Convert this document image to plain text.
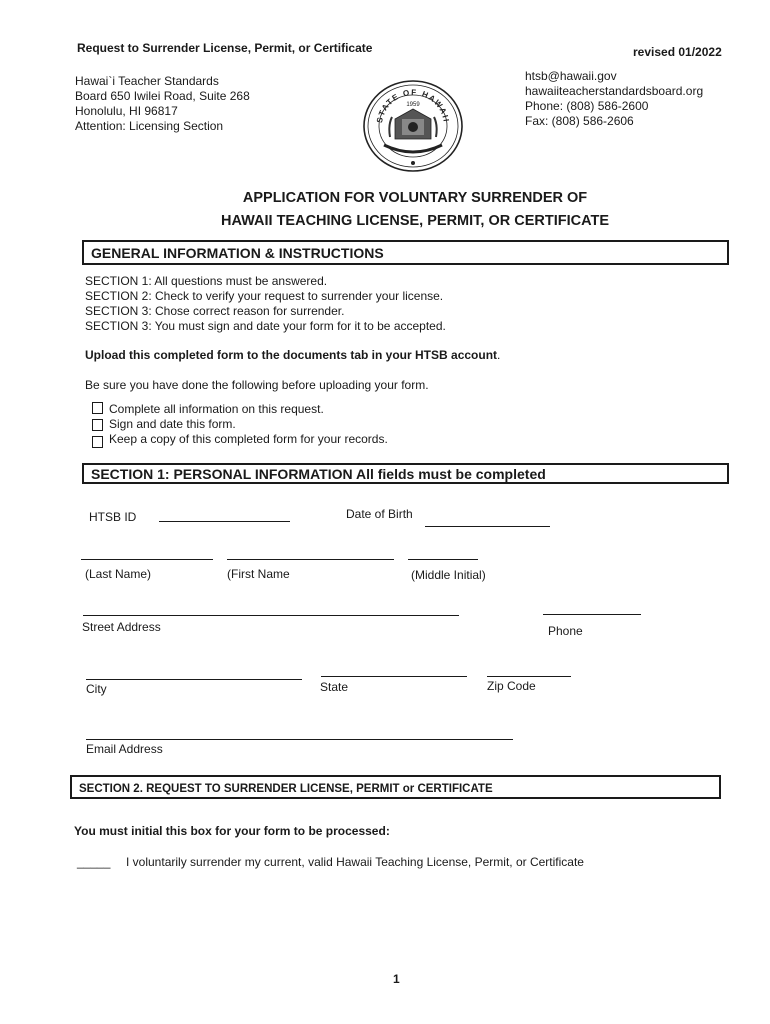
Request to Surrender License, Permit, or Certificate	revised 01/2022
Hawai`i Teacher Standards
Board 650 Iwilei Road, Suite 268
Honolulu, HI 96817
Attention: Licensing Section
htsb@hawaii.gov
hawaiiteacherstandardsboard.org
Phone: (808) 586-2600
Fax: (808) 586-2606
STATE OF HAWAII
1959
APPLICATION FOR VOLUNTARY SURRENDER OF
HAWAII TEACHING LICENSE, PERMIT, OR CERTIFICATE
GENERAL INFORMATION & INSTRUCTIONS
SECTION 1: All questions must be answered.
SECTION 2: Check to verify your request to surrender your license.
SECTION 3: Chose correct reason for surrender.
SECTION 3: You must sign and date your form for it to be accepted.
Upload this completed form to the documents tab in your HTSB account.
Be sure you have done the following before uploading your form.
Complete all information on this request.
Sign and date this form.
Keep a copy of this completed form for your records.
SECTION 1: PERSONAL INFORMATION All fields must be completed
HTSB ID	Date of Birth
(Last Name)	(First Name	(Middle Initial)
Street Address	Phone
City	State	Zip Code
Email Address
SECTION 2. REQUEST TO SURRENDER LICENSE, PERMIT or CERTIFICATE
You must initial this box for your form to be processed:
_____ I voluntarily surrender my current, valid Hawaii Teaching License, Permit, or Certificate
1
